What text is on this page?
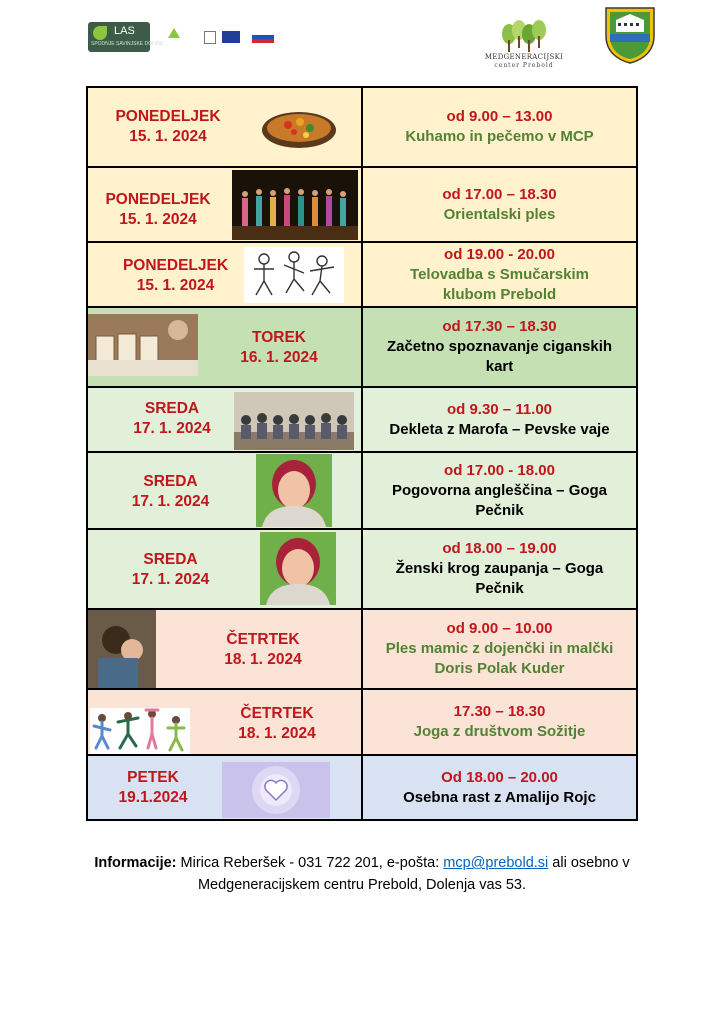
LAS
SPODNJE SAVINJSKE DOLINE
MEDGENERACIJSKI
center Prebold
PONEDELJEK
15. 1. 2024
od 9.00 – 13.00
Kuhamo in pečemo v MCP
PONEDELJEK
15. 1. 2024
od 17.00 – 18.30
Orientalski ples
PONEDELJEK
15. 1. 2024
od 19.00 - 20.00
Telovadba s Smučarskim klubom Prebold
TOREK
16. 1. 2024
od 17.30 – 18.30
Začetno spoznavanje ciganskih kart
SREDA
17. 1. 2024
od 9.30 – 11.00
Dekleta z Marofa – Pevske vaje
SREDA
17. 1. 2024
od 17.00 - 18.00
Pogovorna angleščina – Goga Pečnik
SREDA
17. 1. 2024
od 18.00 – 19.00
Ženski krog zaupanja – Goga Pečnik
ČETRTEK
18. 1. 2024
od 9.00 – 10.00
Ples mamic z dojenčki in malčki Doris Polak Kuder
ČETRTEK
18. 1. 2024
17.30 – 18.30
Joga z društvom Sožitje
PETEK
19.1.2024
Od 18.00 – 20.00
Osebna rast z Amalijo Rojc
Informacije: Mirica Reberšek - 031 722 201, e-pošta: mcp@prebold.si ali osebno v
Medgeneracijskem centru Prebold, Dolenja vas 53.
